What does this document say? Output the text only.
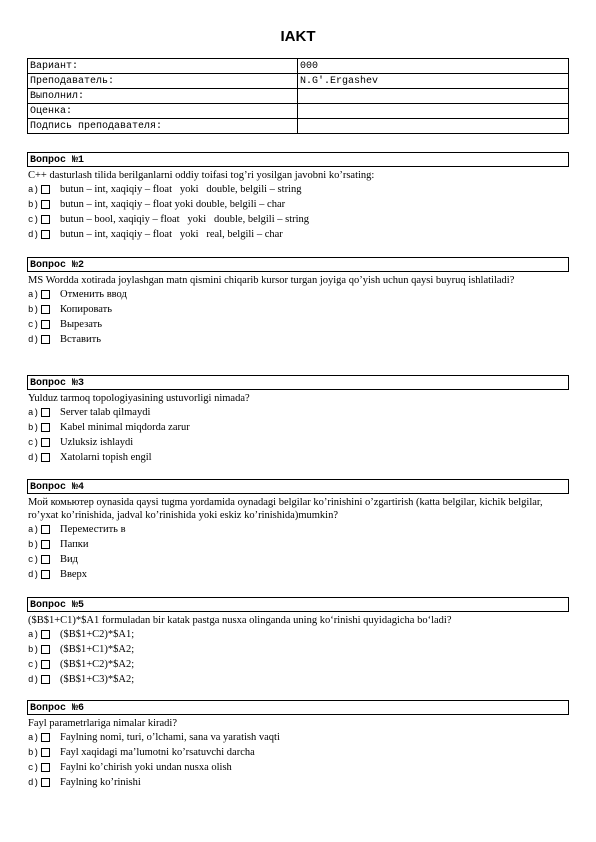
IAKT
Вариант:	000
Преподаватель:	N.G'.Ergashev
Выполнил:	
Оценка:	
Подпись преподавателя:	
Вопрос №1
C++ dasturlash tilida berilganlarni oddiy toifasi tog’ri yosilgan javobni ko’rsating:
a) butun – int, xaqiqiy – float   yoki   double, belgili – string
b) butun – int, xaqiqiy – float yoki double, belgili – char
c) butun – bool, xaqiqiy – float   yoki   double, belgili – string
d) butun – int, xaqiqiy – float   yoki   real, belgili – char
Вопрос №2
MS Wordda xotirada joylashgan matn qismini chiqarib kursor turgan joyiga qo’yish uchun qaysi buyruq ishlatiladi?
a) Отменить ввод
b) Копировать
c) Вырезать
d) Вставить
Вопрос №3
Yulduz tarmoq topologiyasining ustuvorligi nimada?
a) Server talab qilmaydi
b) Kabel minimal miqdorda zarur
c) Uzluksiz ishlaydi
d) Xatolarni topish engil
Вопрос №4
Мой комьютер oynasida qaysi tugma yordamida oynadagi belgilar ko’rinishini o’zgartirish (katta belgilar, kichik belgilar, ro’yxat ko’rinishida, jadval ko’rinishida yoki eskiz ko’rinishida)mumkin?
a) Переместить в
b) Папки
c) Вид
d) Вверх
Вопрос №5
($B$1+C1)*$A1 formuladan bir katak pastga nusxa olinganda uning ko‘rinishi quyidagicha bo‘ladi?
a) ($B$1+C2)*$A1;
b) ($B$1+C1)*$A2;
c) ($B$1+C2)*$A2;
d) ($B$1+C3)*$A2;
Вопрос №6
Fayl parametrlariga nimalar kiradi?
a) Faylning nomi, turi, o’lchami, sana va yaratish vaqti
b) Fayl xaqidagi ma’lumotni ko’rsatuvchi darcha
c) Faylni ko’chirish yoki undan nusxa olish
d) Faylning ko’rinishi
